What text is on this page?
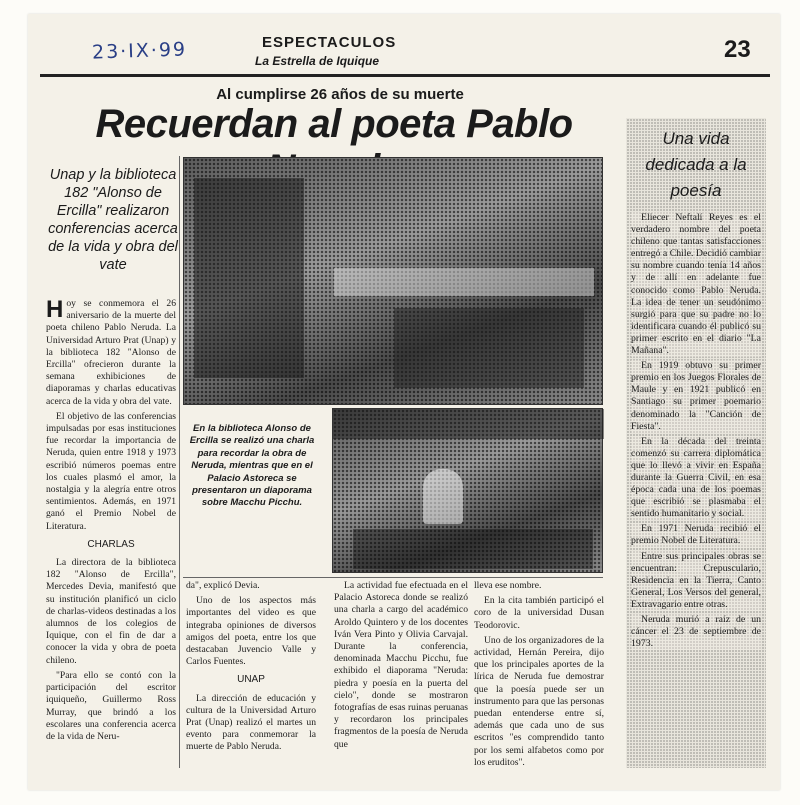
23·IX·99	ESPECTACULOS
La Estrella de Iquique	23
Al cumplirse 26 años de su muerte
Recuerdan al poeta Pablo
Unap y la biblioteca 182 "Alonso de Ercilla" realizaron conferencias acerca de la vida y obra del vate

Hoy se conmemora el 26 aniversario de la muerte del poeta chileno Pablo Neruda. La Universidad Arturo Prat (Unap) y la biblioteca 182 "Alonso de Ercilla" ofrecieron durante la semana exhibiciones de diaporamas y charlas educativas acerca de la vida y obra del vate.

El objetivo de las conferencias impulsadas por esas instituciones fue recordar la importancia de Neruda, quien entre 1918 y 1973 escribió números poemas entre los cuales plasmó el amor, la nostalgia y la alegría entre otros sentimientos. Además, en 1971 ganó el Premio Nobel de Literatura.

CHARLAS

La directora de la biblioteca 182 "Alonso de Ercilla", Mercedes Devia, manifestó que su institución planificó un ciclo de charlas-videos destinadas a los alumnos de los colegios de Iquique, con el fin de dar a conocer la vida y obra de poeta chileno.

"Para ello se contó con la participación del escritor iquiqueño, Guillermo Ross Murray, que brindó a los escolares una conferencia acerca de la vida de Neru-

En la biblioteca Alonso de Ercilla se realizó una charla para recordar la obra de Neruda, mientras que en el Palacio Astoreca se presentaron un diaporama sobre Macchu Picchu.

da", explicó Devia.

Uno de los aspectos más importantes del video es que integraba opiniones de diversos amigos del poeta, entre los que destacaban Juvencio Valle y Carlos Fuentes.

UNAP

La dirección de educación y cultura de la Universidad Arturo Prat (Unap) realizó el martes un evento para conmemorar la muerte de Pablo Neruda.

La actividad fue efectuada en el Palacio Astoreca donde se realizó una charla a cargo del académico Aroldo Quintero y de los docentes Iván Vera Pinto y Olivia Carvajal. Durante la conferencia, denominada Macchu Picchu, fue exhibido el diaporama "Neruda: piedra y poesía en la puerta del cielo", donde se mostraron fotografías de esas ruinas peruanas y recordaron los principales fragmentos de la poesía de Neruda que

lleva ese nombre.

En la cita también participó el coro de la universidad Dusan Teodorovic.

Uno de los organizadores de la actividad, Hernán Pereira, dijo que los principales aportes de la lírica de Neruda fue demostrar que la poesía puede ser un instrumento para que las personas puedan entenderse entre sí, además que cada uno de sus escritos "es comprendido tanto por los semi alfabetos como por los eruditos".

Una vida dedicada a la poesía

Eliecer Neftalí Reyes es el verdadero nombre del poeta chileno que tantas satisfacciones entregó a Chile. Decidió cambiar su nombre cuando tenía 14 años y de allí en adelante fue conocido como Pablo Neruda. La idea de tener un seudónimo surgió para que su padre no lo identificara cuando él publicó su primer escrito en el diario "La Mañana".

En 1919 obtuvo su primer premio en los Juegos Florales de Maule y en 1921 publicó en Santiago su primer poemario denominado la "Canción de Fiesta".

En la década del treinta comenzó su carrera diplomática que lo llevó a vivir en España durante la Guerra Civil, en esa época cada una de los poemas que escribió se plasmaba el sentido humanitario y social.

En 1971 Neruda recibió el premio Nobel de Literatura.

Entre sus principales obras se encuentran: Crepusculario, Residencia en la Tierra, Canto General, Los Versos del general, Extravagario entre otras.

Neruda murió a raíz de un cáncer el 23 de septiembre de 1973.
